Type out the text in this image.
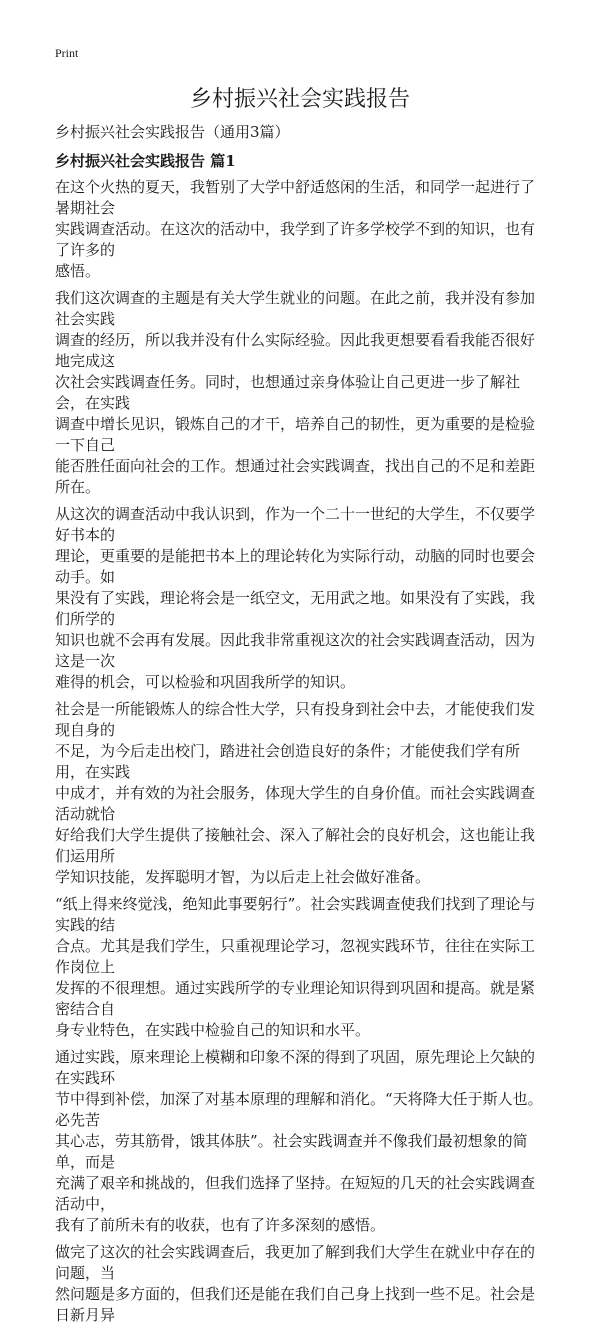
Print
乡村振兴社会实践报告
乡村振兴社会实践报告（通用3篇）
乡村振兴社会实践报告 篇1
在这个火热的夏天，我暂别了大学中舒适悠闲的生活，和同学一起进行了暑期社会
实践调查活动。在这次的活动中，我学到了许多学校学不到的知识，也有了许多的
感悟。
我们这次调查的主题是有关大学生就业的问题。在此之前，我并没有参加社会实践
调查的经历，所以我并没有什么实际经验。因此我更想要看看我能否很好地完成这
次社会实践调查任务。同时，也想通过亲身体验让自己更进一步了解社会，在实践
调查中增长见识，锻炼自己的才干，培养自己的韧性，更为重要的是检验一下自己
能否胜任面向社会的工作。想通过社会实践调查，找出自己的不足和差距所在。
从这次的调查活动中我认识到，作为一个二十一世纪的大学生，不仅要学好书本的
理论，更重要的是能把书本上的理论转化为实际行动，动脑的同时也要会动手。如
果没有了实践，理论将会是一纸空文，无用武之地。如果没有了实践，我们所学的
知识也就不会再有发展。因此我非常重视这次的社会实践调查活动，因为这是一次
难得的机会，可以检验和巩固我所学的知识。
社会是一所能锻炼人的综合性大学，只有投身到社会中去，才能使我们发现自身的
不足，为今后走出校门，踏进社会创造良好的条件；才能使我们学有所用，在实践
中成才，并有效的为社会服务，体现大学生的自身价值。而社会实践调查活动就恰
好给我们大学生提供了接触社会、深入了解社会的良好机会，这也能让我们运用所
学知识技能，发挥聪明才智，为以后走上社会做好准备。
“纸上得来终觉浅，绝知此事要躬行”。社会实践调查使我们找到了理论与实践的结
合点。尤其是我们学生，只重视理论学习，忽视实践环节，往往在实际工作岗位上
发挥的不很理想。通过实践所学的专业理论知识得到巩固和提高。就是紧密结合自
身专业特色，在实践中检验自己的知识和水平。
通过实践，原来理论上模糊和印象不深的得到了巩固，原先理论上欠缺的在实践环
节中得到补偿，加深了对基本原理的理解和消化。“天将降大任于斯人也。必先苦
其心志，劳其筋骨，饿其体肤”。社会实践调查并不像我们最初想象的简单，而是
充满了艰辛和挑战的，但我们选择了坚持。在短短的几天的社会实践调查活动中，
我有了前所未有的收获，也有了许多深刻的感悟。
做完了这次的社会实践调查后，我更加了解到我们大学生在就业中存在的问题，当
然问题是多方面的，但我们还是能在我们自己身上找到一些不足。社会是日新月异
